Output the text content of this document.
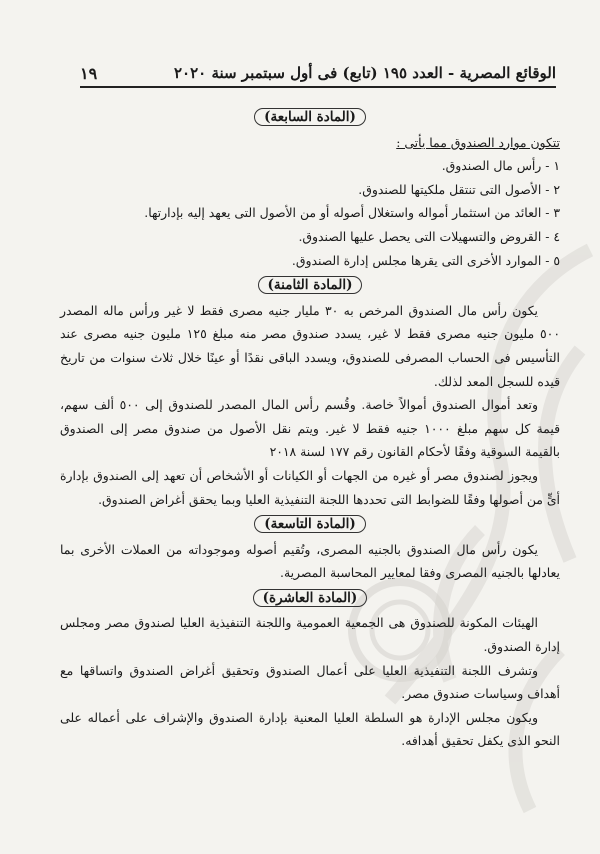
الوقائع المصرية - العدد ١٩٥ (تابع) فى أول سبتمبر سنة ٢٠٢٠
١٩
(المادة السابعة)

تتكون موارد الصندوق مما يأتى :

١ - رأس مال الصندوق.

٢ - الأصول التى تنتقل ملكيتها للصندوق.

٣ - العائد من استثمار أمواله واستغلال أصوله أو من الأصول التى يعهد إليه بإدارتها.

٤ - القروض والتسهيلات التى يحصل عليها الصندوق.

٥ - الموارد الأخرى التى يقرها مجلس إدارة الصندوق.

(المادة الثامنة)

يكون رأس مال الصندوق المرخص به ٣٠ مليار جنيه مصرى فقط لا غير ورأس ماله المصدر ٥٠٠ مليون جنيه مصرى فقط لا غير، يسدد صندوق مصر منه مبلغ ١٢٥ مليون جنيه مصرى عند التأسيس فى الحساب المصرفى للصندوق، ويسدد الباقى نقدًا أو عينًا خلال ثلاث سنوات من تاريخ قيده للسجل المعد لذلك.

وتعد أموال الصندوق أموالاً خاصة. وقُسم رأس المال المصدر للصندوق إلى ٥٠٠ ألف سهم، قيمة كل سهم مبلغ ١٠٠٠ جنيه فقط لا غير. ويتم نقل الأصول من صندوق مصر إلى الصندوق بالقيمة السوقية وفقًا لأحكام القانون رقم ١٧٧ لسنة ٢٠١٨

ويجوز لصندوق مصر أو غيره من الجهات أو الكيانات أو الأشخاص أن تعهد إلى الصندوق بإدارة أىٍّ من أصولها وفقًا للضوابط التى تحددها اللجنة التنفيذية العليا وبما يحقق أغراض الصندوق.

(المادة التاسعة)

يكون رأس مال الصندوق بالجنيه المصرى، وتُقيم أصوله وموجوداته من العملات الأخرى بما يعادلها بالجنيه المصرى وفقا لمعايير المحاسبة المصرية.

(المادة العاشرة)

الهيئات المكونة للصندوق هى الجمعية العمومية واللجنة التنفيذية العليا لصندوق مصر ومجلس إدارة الصندوق.

وتشرف اللجنة التنفيذية العليا على أعمال الصندوق وتحقيق أغراض الصندوق واتساقها مع أهداف وسياسات صندوق مصر.

ويكون مجلس الإدارة هو السلطة العليا المعنية بإدارة الصندوق والإشراف على أعماله على النحو الذى يكفل تحقيق أهدافه.
